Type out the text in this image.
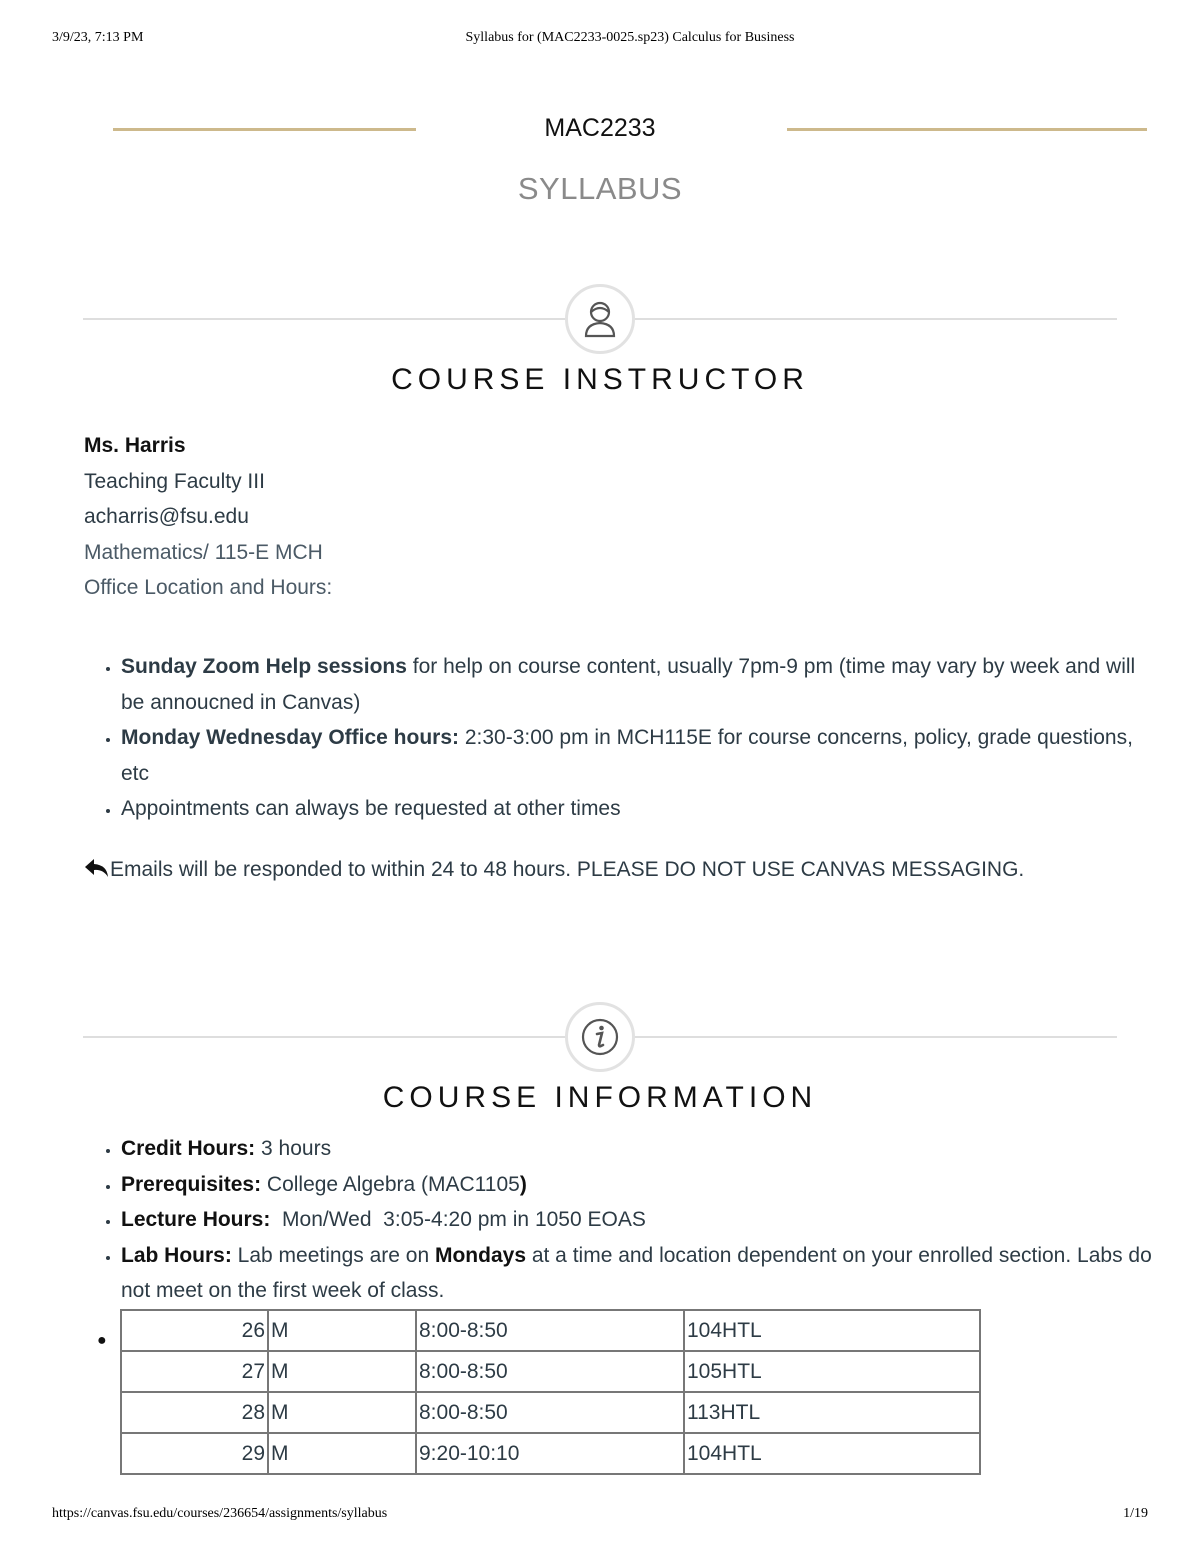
3/9/23, 7:13 PM	Syllabus for (MAC2233-0025.sp23) Calculus for Business
MAC2233
SYLLABUS
COURSE INSTRUCTOR
Ms. Harris
Teaching Faculty III
acharris@fsu.edu
Mathematics/ 115-E MCH
Office Location and Hours:
• Sunday Zoom Help sessions for help on course content, usually 7pm-9 pm (time may vary by week and will be annoucned in Canvas)
• Monday Wednesday Office hours: 2:30-3:00 pm in MCH115E for course concerns, policy, grade questions, etc
• Appointments can always be requested at other times
Emails will be responded to within 24 to 48 hours. PLEASE DO NOT USE CANVAS MESSAGING.
COURSE INFORMATION
• Credit Hours: 3 hours
• Prerequisites: College Algebra (MAC1105)
• Lecture Hours:  Mon/Wed  3:05-4:20 pm in 1050 EOAS
• Lab Hours: Lab meetings are on Mondays at a time and location dependent on your enrolled section. Labs do not meet on the first week of class.
●	26	M	8:00-8:50	104HTL
27	M	8:00-8:50	105HTL
28	M	8:00-8:50	113HTL
29	M	9:20-10:10	104HTL
https://canvas.fsu.edu/courses/236654/assignments/syllabus	1/19
